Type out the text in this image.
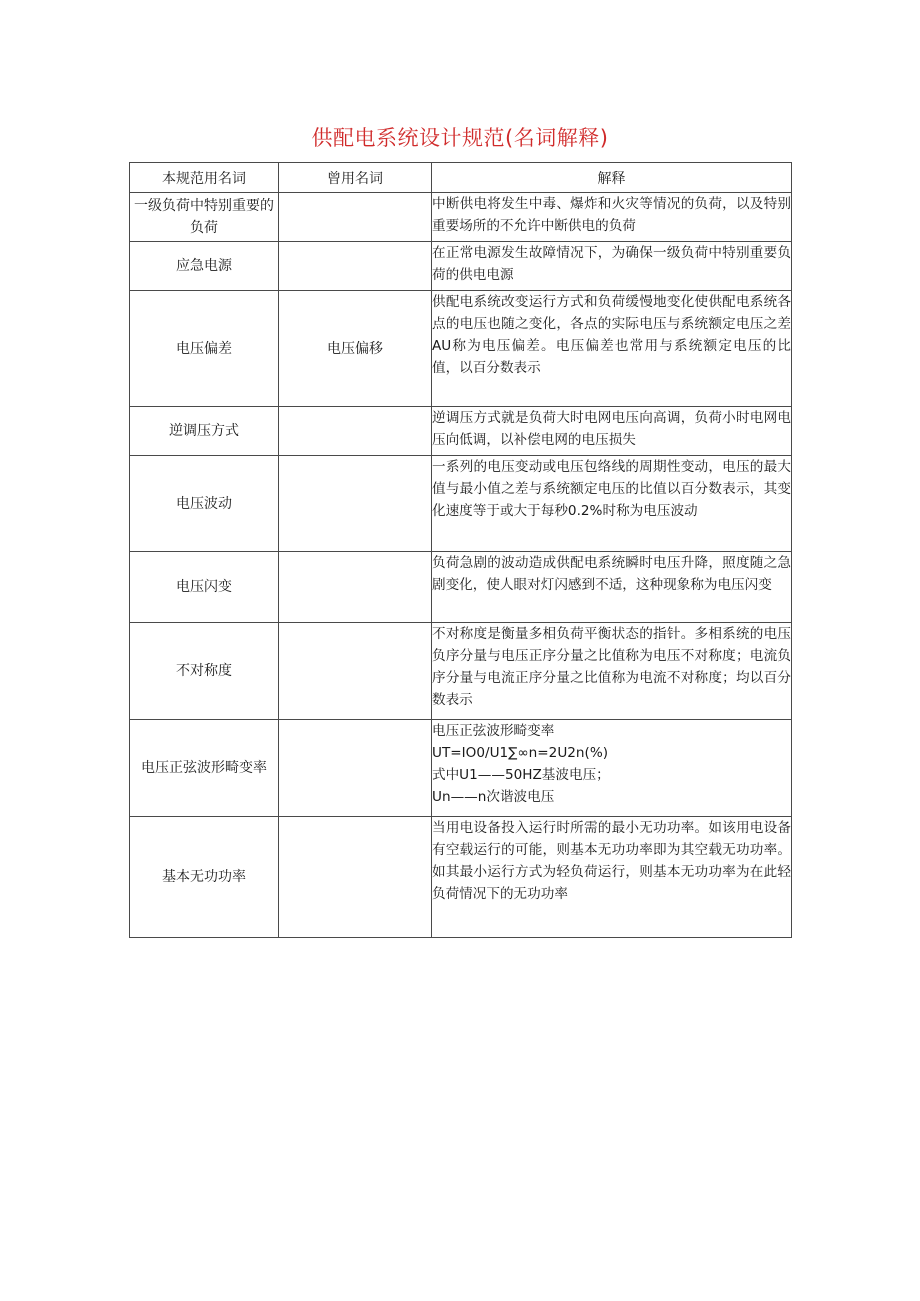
供配电系统设计规范(名词解释)
本规范用名词	曾用名词	解释
一级负荷中特别重要的负荷		中断供电将发生中毒、爆炸和火灾等情况的负荷，以及特别重要场所的不允许中断供电的负荷
应急电源		在正常电源发生故障情况下，为确保一级负荷中特别重要负荷的供电电源
电压偏差	电压偏移	供配电系统改变运行方式和负荷缓慢地变化使供配电系统各点的电压也随之变化，各点的实际电压与系统额定电压之差AU称为电压偏差。电压偏差也常用与系统额定电压的比值，以百分数表示
逆调压方式		逆调压方式就是负荷大时电网电压向高调，负荷小时电网电压向低调，以补偿电网的电压损失
电压波动		一系列的电压变动或电压包络线的周期性变动，电压的最大值与最小值之差与系统额定电压的比值以百分数表示，其变化速度等于或大于每秒0.2%时称为电压波动
电压闪变		负荷急剧的波动造成供配电系统瞬时电压升降，照度随之急剧变化，使人眼对灯闪感到不适，这种现象称为电压闪变
不对称度		不对称度是衡量多相负荷平衡状态的指针。多相系统的电压负序分量与电压正序分量之比值称为电压不对称度；电流负序分量与电流正序分量之比值称为电流不对称度；均以百分数表示
电压正弦波形畸变率		电压正弦波形畸变率
UT=IO0/U1∑∞n=2U2n(%)
式中U1——50HZ基波电压；
Un——n次谐波电压

基本无功功率		当用电设备投入运行时所需的最小无功功率。如该用电设备有空载运行的可能，则基本无功功率即为其空载无功功率。如其最小运行方式为轻负荷运行，则基本无功功率为在此轻负荷情况下的无功功率
